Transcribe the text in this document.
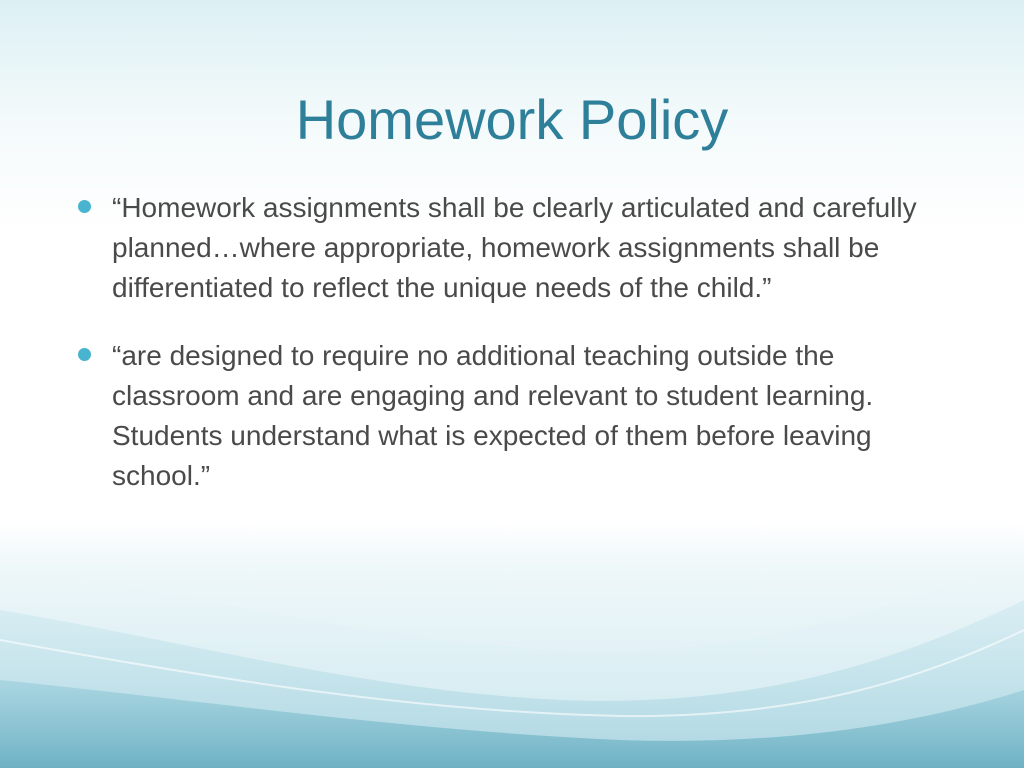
Homework Policy
“Homework assignments shall be clearly articulated and carefully planned…where appropriate, homework assignments shall be differentiated to reflect the unique needs of the child.”
“are designed to require no additional teaching outside the classroom and are engaging and relevant to student learning. Students understand what is expected of them before leaving school.”
